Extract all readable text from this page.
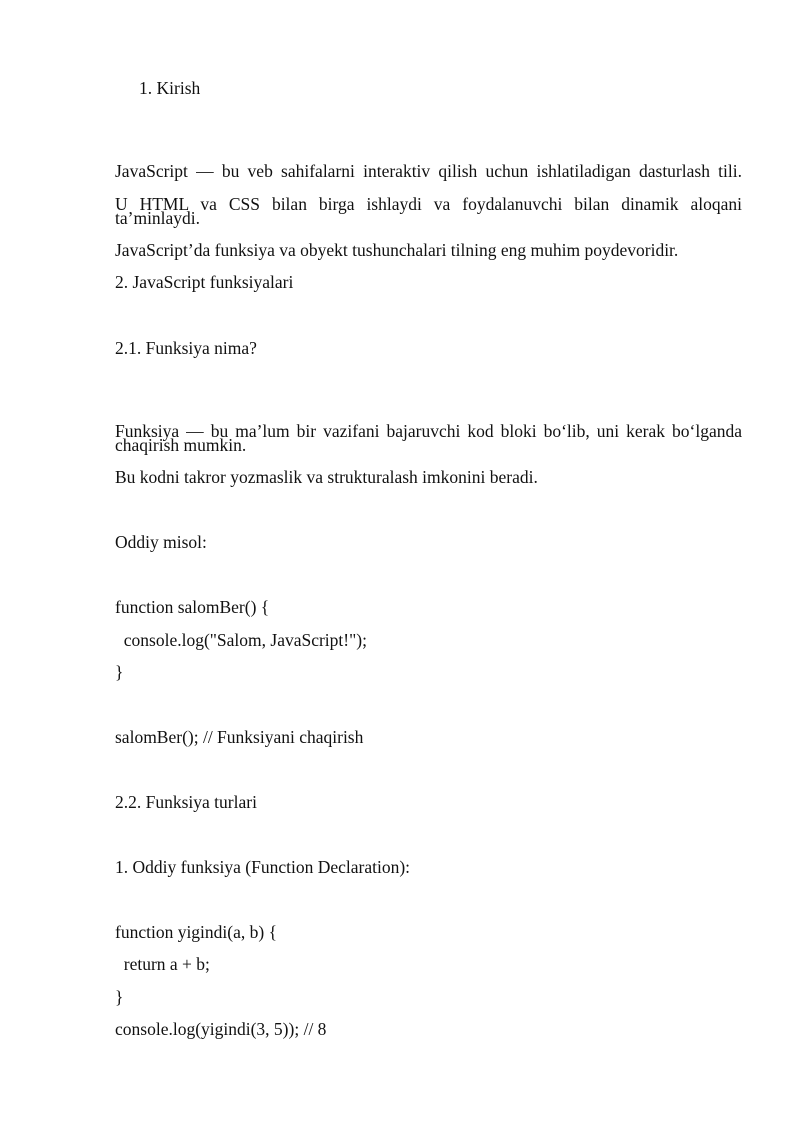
1. Kirish

JavaScript — bu veb sahifalarni interaktiv qilish uchun ishlatiladigan dasturlash tili.

U HTML va CSS bilan birga ishlaydi va foydalanuvchi bilan dinamik aloqani

ta’minlaydi.

JavaScript’da funksiya va obyekt tushunchalari tilning eng muhim poydevoridir.

2. JavaScript funksiyalari

2.1. Funksiya nima?

Funksiya — bu ma’lum bir vazifani bajaruvchi kod bloki bo‘lib, uni kerak bo‘lganda

chaqirish mumkin.

Bu kodni takror yozmaslik va strukturalash imkonini beradi.

Oddiy misol:

function salomBer() {

console.log("Salom, JavaScript!");

}

salomBer(); // Funksiyani chaqirish

2.2. Funksiya turlari

1. Oddiy funksiya (Function Declaration):

function yigindi(a, b) {

return a + b;

}

console.log(yigindi(3, 5)); // 8
